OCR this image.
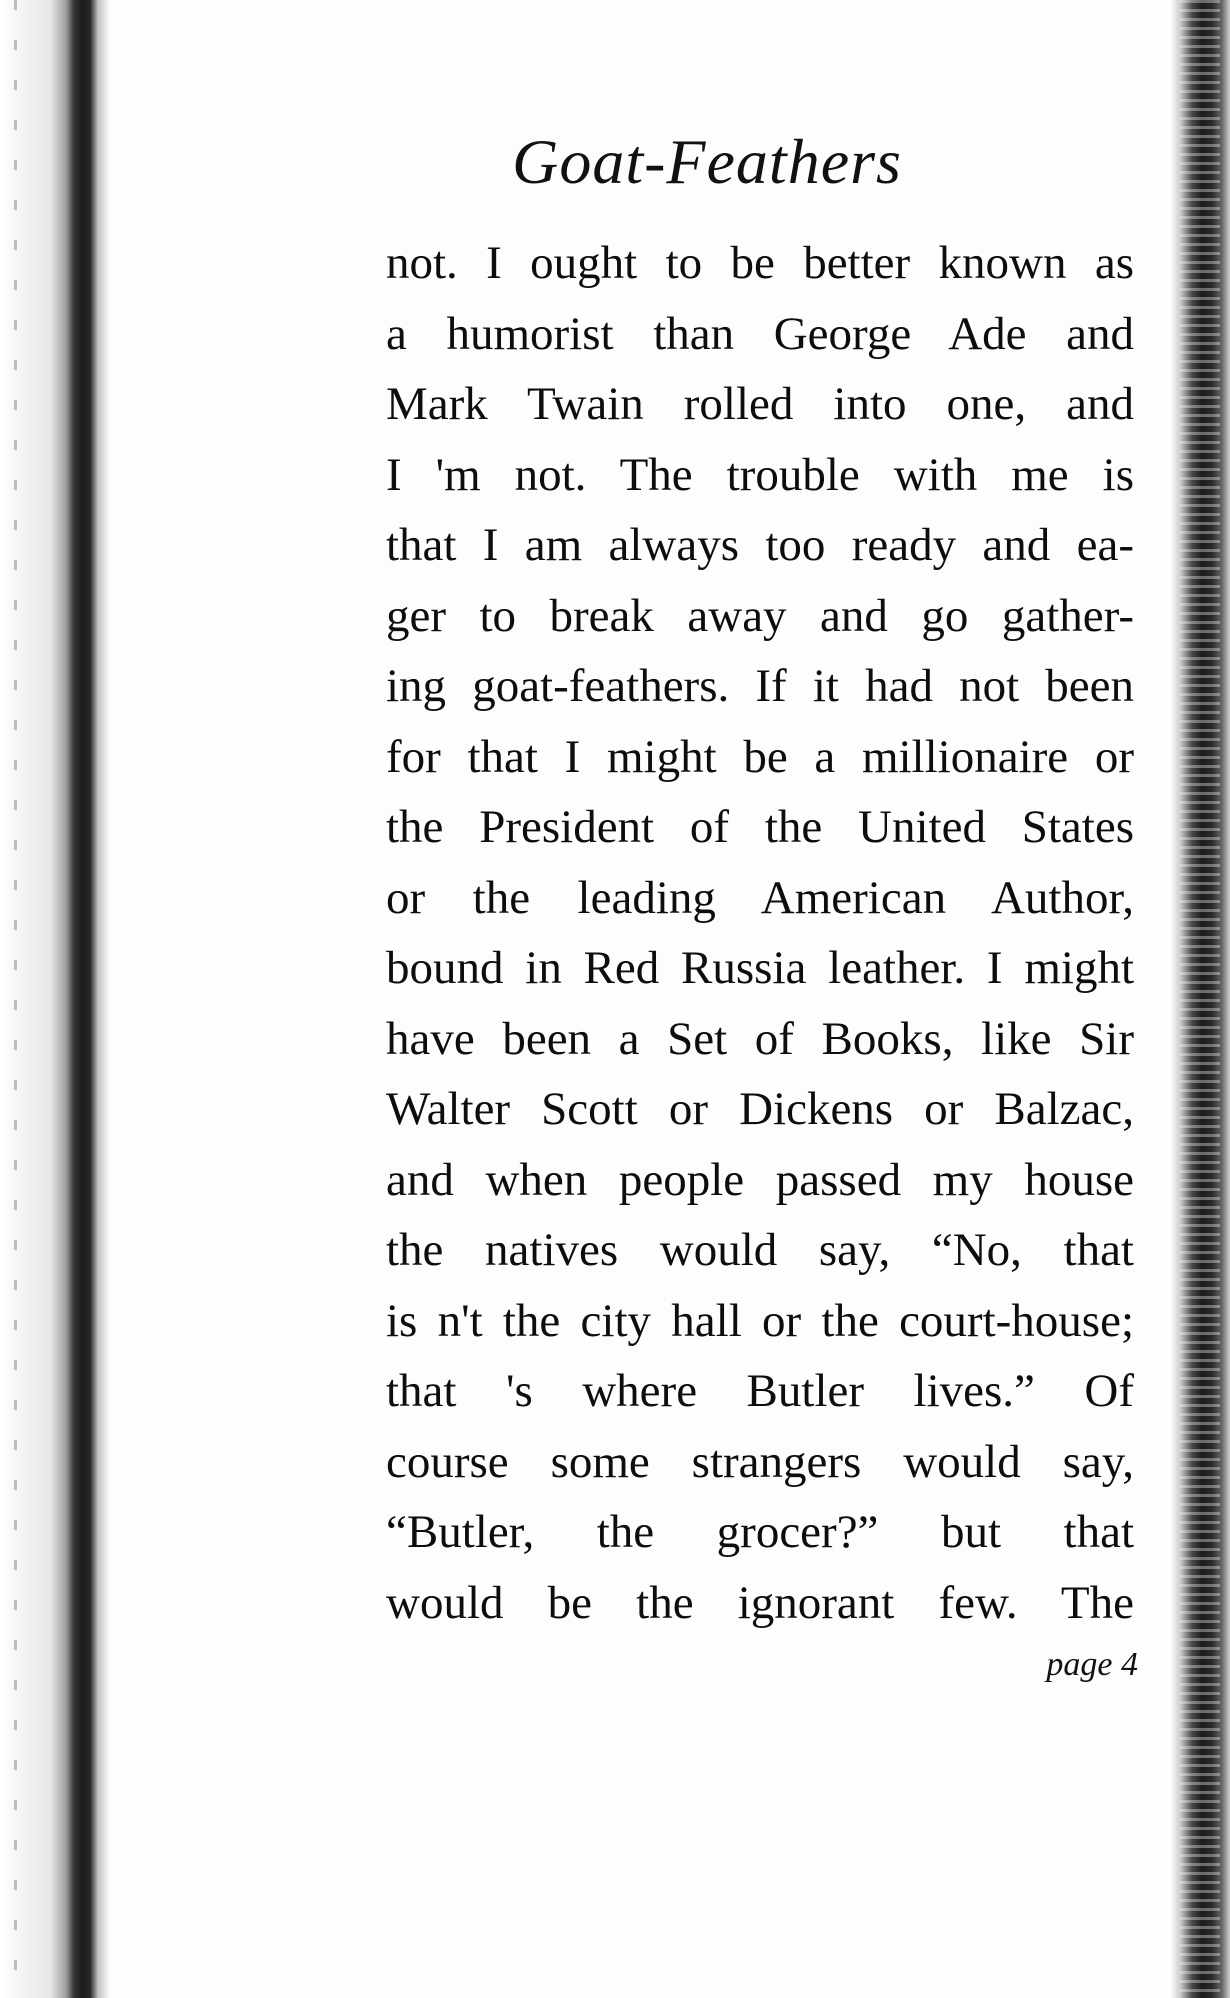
Goat-Feathers
not. I ought to be better known as
a humorist than George Ade and
Mark Twain rolled into one, and
I 'm not. The trouble with me is
that I am always too ready and ea-
ger to break away and go gather-
ing goat-feathers. If it had not been
for that I might be a millionaire or
the President of the United States
or the leading American Author,
bound in Red Russia leather. I might
have been a Set of Books, like Sir
Walter Scott or Dickens or Balzac,
and when people passed my house
the natives would say, “No, that
is n't the city hall or the court-house;
that 's where Butler lives.” Of
course some strangers would say,
“Butler, the grocer?” but that
would be the ignorant few. The
page 4
